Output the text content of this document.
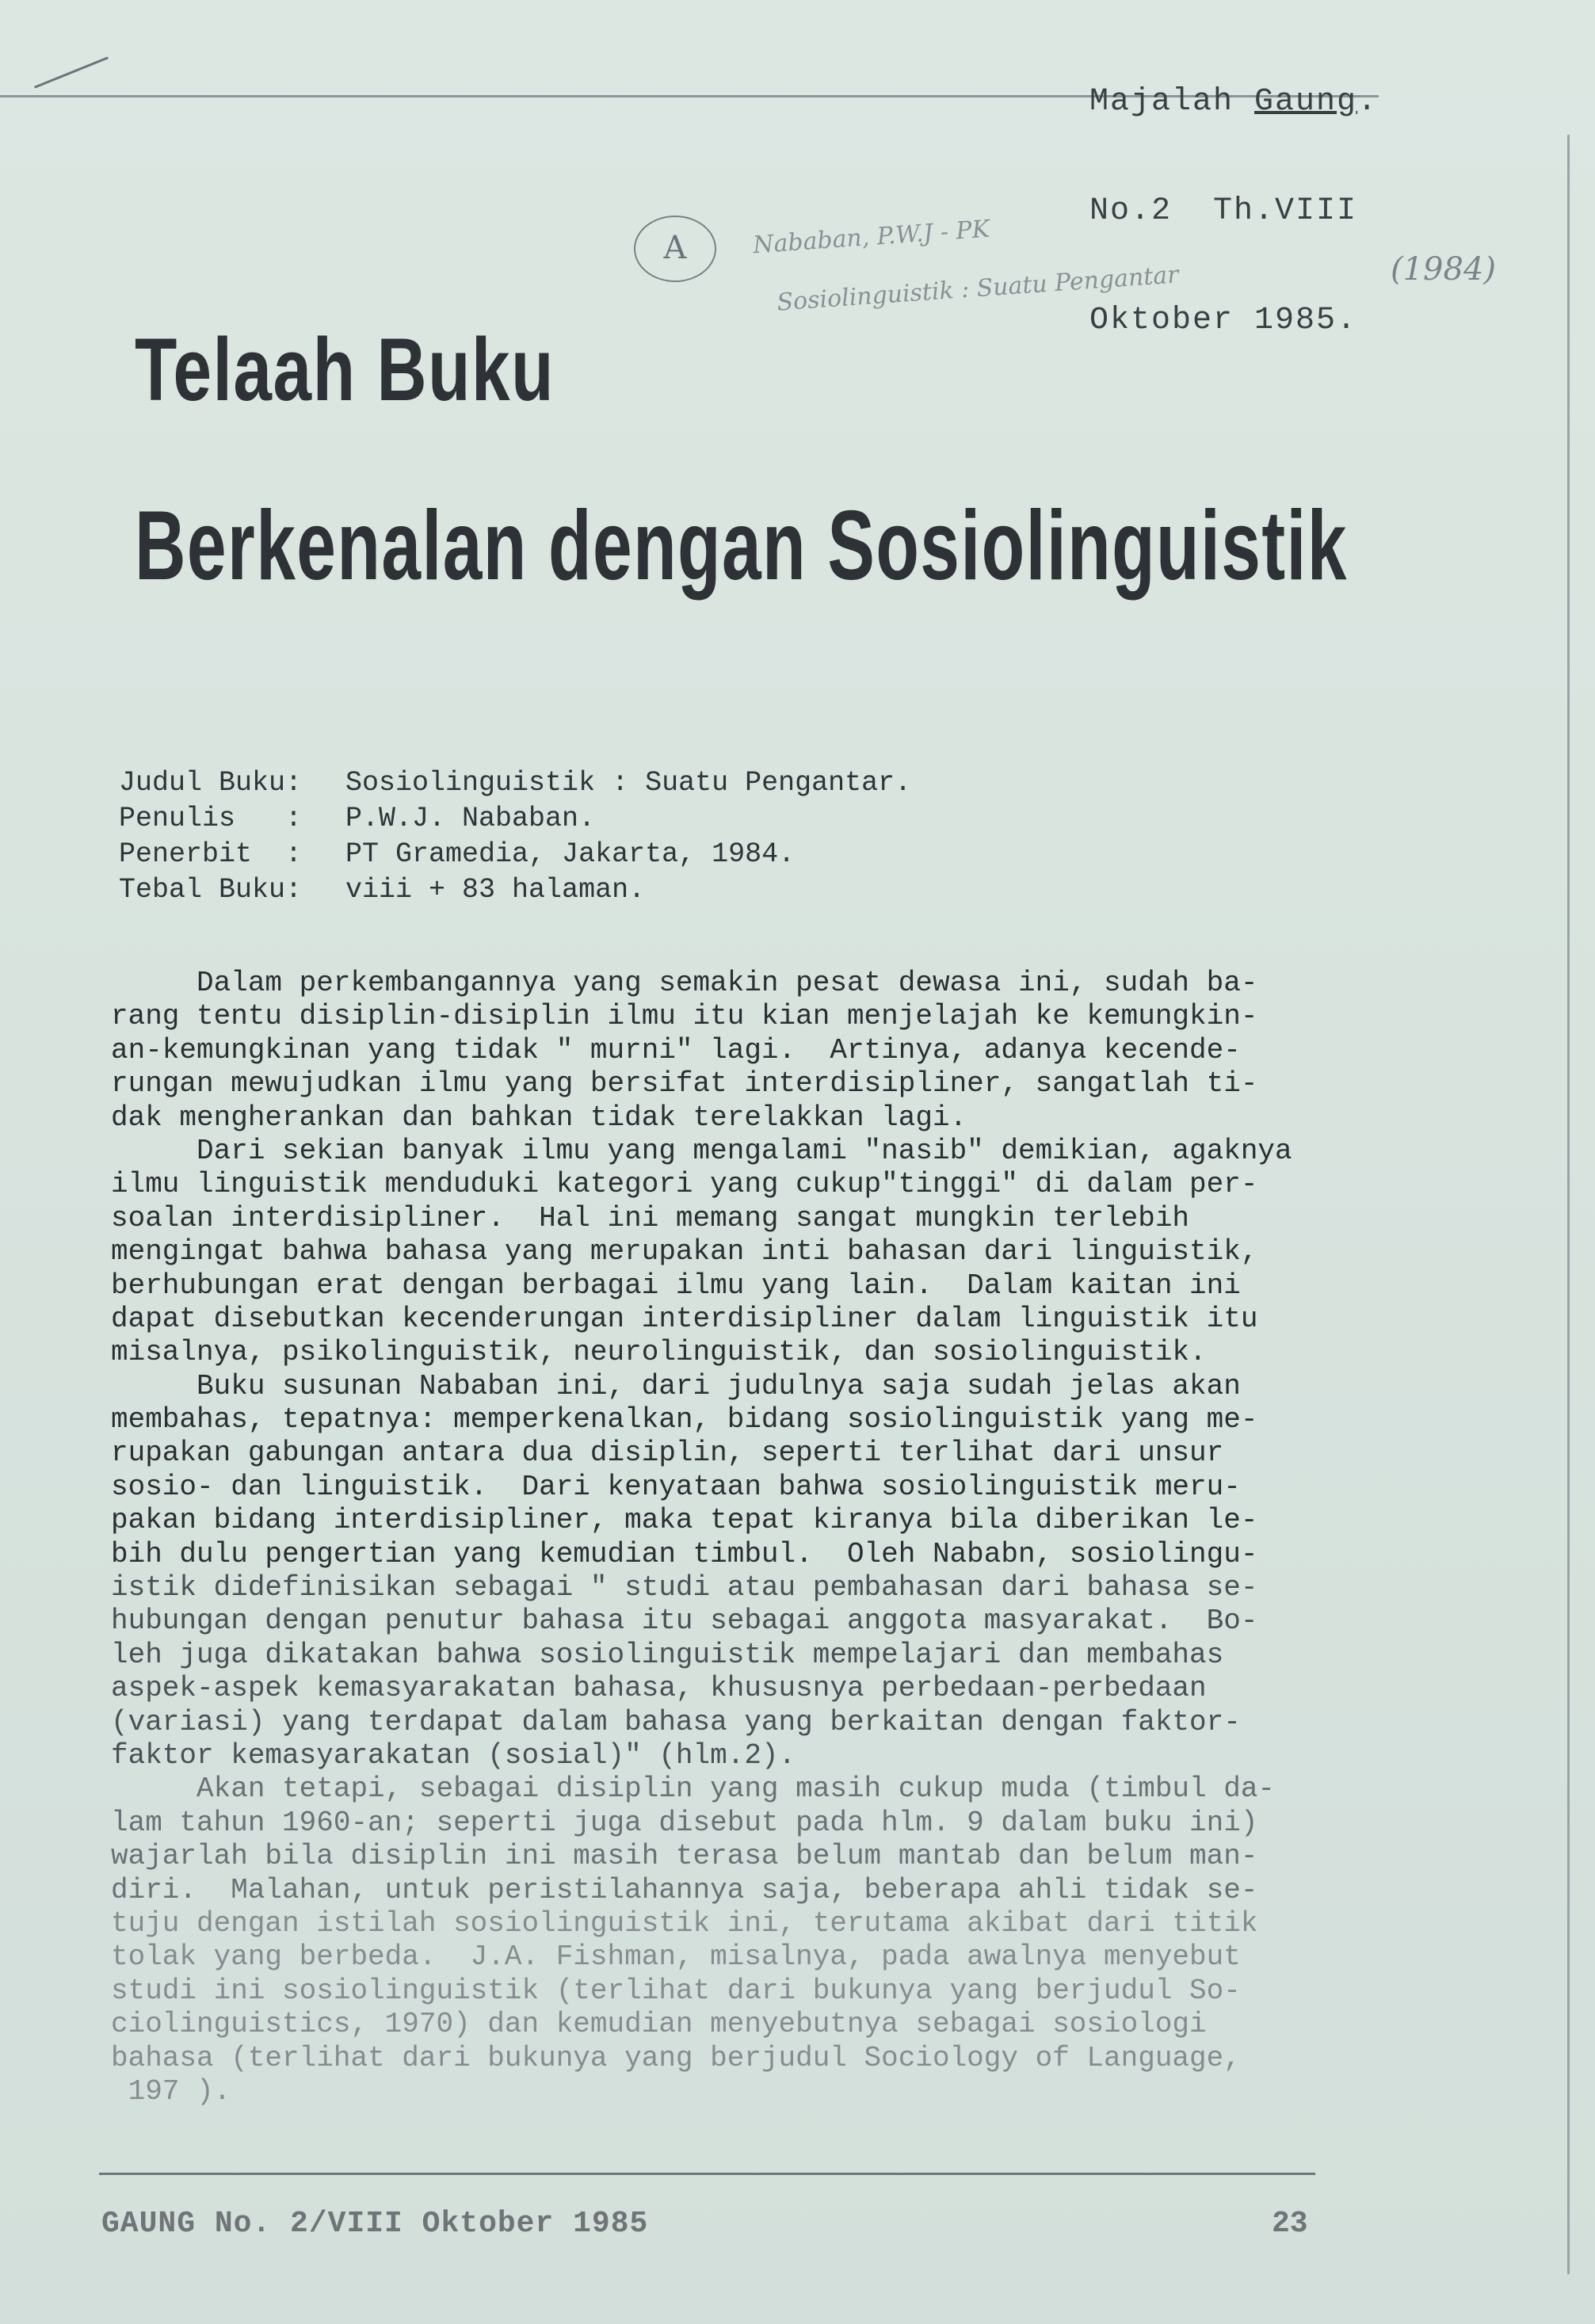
Majalah Gaung.

No.2  Th.VIII

Oktober 1985.

A	Nababan, P.W.J - PK
Sosiolinguistik : Suatu Pengantar	(1984)
Telaah Buku
Berkenalan dengan Sosiolinguistik
Judul Buku: Sosiolinguistik : Suatu Pengantar.
Penulis   : P.W.J. Nababan.
Penerbit  : PT Gramedia, Jakarta, 1984.
Tebal Buku: viii + 83 halaman.
Dalam perkembangannya yang semakin pesat dewasa ini, sudah ba-
rang tentu disiplin-disiplin ilmu itu kian menjelajah ke kemungkin-
an-kemungkinan yang tidak " murni" lagi.  Artinya, adanya kecende-
rungan mewujudkan ilmu yang bersifat interdisipliner, sangatlah ti-
dak mengherankan dan bahkan tidak terelakkan lagi.
Dari sekian banyak ilmu yang mengalami "nasib" demikian, agaknya
ilmu linguistik menduduki kategori yang cukup"tinggi" di dalam per-
soalan interdisipliner.  Hal ini memang sangat mungkin terlebih
mengingat bahwa bahasa yang merupakan inti bahasan dari linguistik,
berhubungan erat dengan berbagai ilmu yang lain.  Dalam kaitan ini
dapat disebutkan kecenderungan interdisipliner dalam linguistik itu
misalnya, psikolinguistik, neurolinguistik, dan sosiolinguistik.
Buku susunan Nababan ini, dari judulnya saja sudah jelas akan
membahas, tepatnya: memperkenalkan, bidang sosiolinguistik yang me-
rupakan gabungan antara dua disiplin, seperti terlihat dari unsur
sosio- dan linguistik.  Dari kenyataan bahwa sosiolinguistik meru-
pakan bidang interdisipliner, maka tepat kiranya bila diberikan le-
bih dulu pengertian yang kemudian timbul.  Oleh Nababn, sosiolingu-
istik didefinisikan sebagai " studi atau pembahasan dari bahasa se-
hubungan dengan penutur bahasa itu sebagai anggota masyarakat.  Bo-
leh juga dikatakan bahwa sosiolinguistik mempelajari dan membahas
aspek-aspek kemasyarakatan bahasa, khususnya perbedaan-perbedaan
(variasi) yang terdapat dalam bahasa yang berkaitan dengan faktor-
faktor kemasyarakatan (sosial)" (hlm.2).
Akan tetapi, sebagai disiplin yang masih cukup muda (timbul da-
lam tahun 1960-an; seperti juga disebut pada hlm. 9 dalam buku ini)
wajarlah bila disiplin ini masih terasa belum mantab dan belum man-
diri.  Malahan, untuk peristilahannya saja, beberapa ahli tidak se-
tuju dengan istilah sosiolinguistik ini, terutama akibat dari titik
tolak yang berbeda.  J.A. Fishman, misalnya, pada awalnya menyebut
studi ini sosiolinguistik (terlihat dari bukunya yang berjudul So-
ciolinguistics, 1970) dan kemudian menyebutnya sebagai sosiologi
bahasa (terlihat dari bukunya yang berjudul Sociology of Language,
197 ).
GAUNG No. 2/VIII Oktober 1985	23
